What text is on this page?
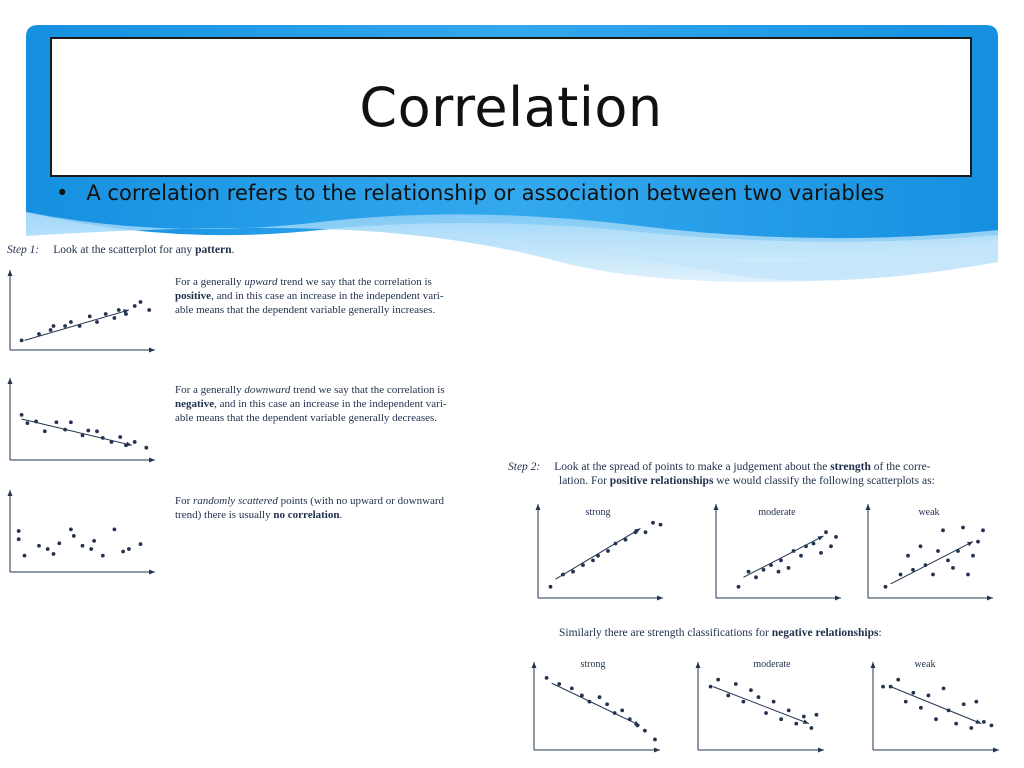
Correlation
• A correlation refers to the relationship or association between two variables
Step 1: Look at the scatterplot for any pattern.
For a generally upward trend we say that the correlation is
positive, and in this case an increase in the independent vari-
able means that the dependent variable generally increases.
For a generally downward trend we say that the correlation is
negative, and in this case an increase in the independent vari-
able means that the dependent variable generally decreases.
For randomly scattered points (with no upward or downward
trend) there is usually no correlation.
Step 2: Look at the spread of points to make a judgement about the strength of the corre-
lation. For positive relationships we would classify the following scatterplots as:
Similarly there are strength classifications for negative relationships:
strong	moderate	weak
strong	moderate	weak
